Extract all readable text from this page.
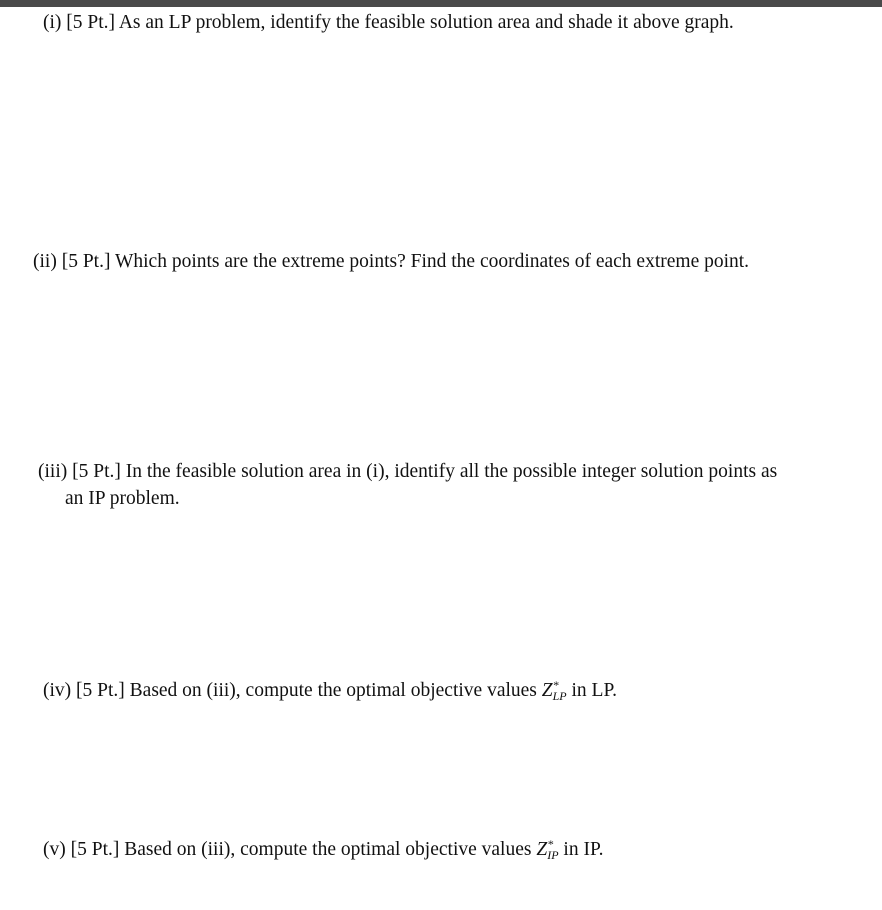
(i) [5 Pt.] As an LP problem, identify the feasible solution area and shade it above graph.
(ii) [5 Pt.] Which points are the extreme points? Find the coordinates of each extreme point.
(iii) [5 Pt.] In the feasible solution area in (i), identify all the possible integer solution points as
an IP problem.
(iv) [5 Pt.] Based on (iii), compute the optimal objective values $Z^*_{LP}$ in LP.
(v) [5 Pt.] Based on (iii), compute the optimal objective values $Z^*_{IP}$ in IP.
